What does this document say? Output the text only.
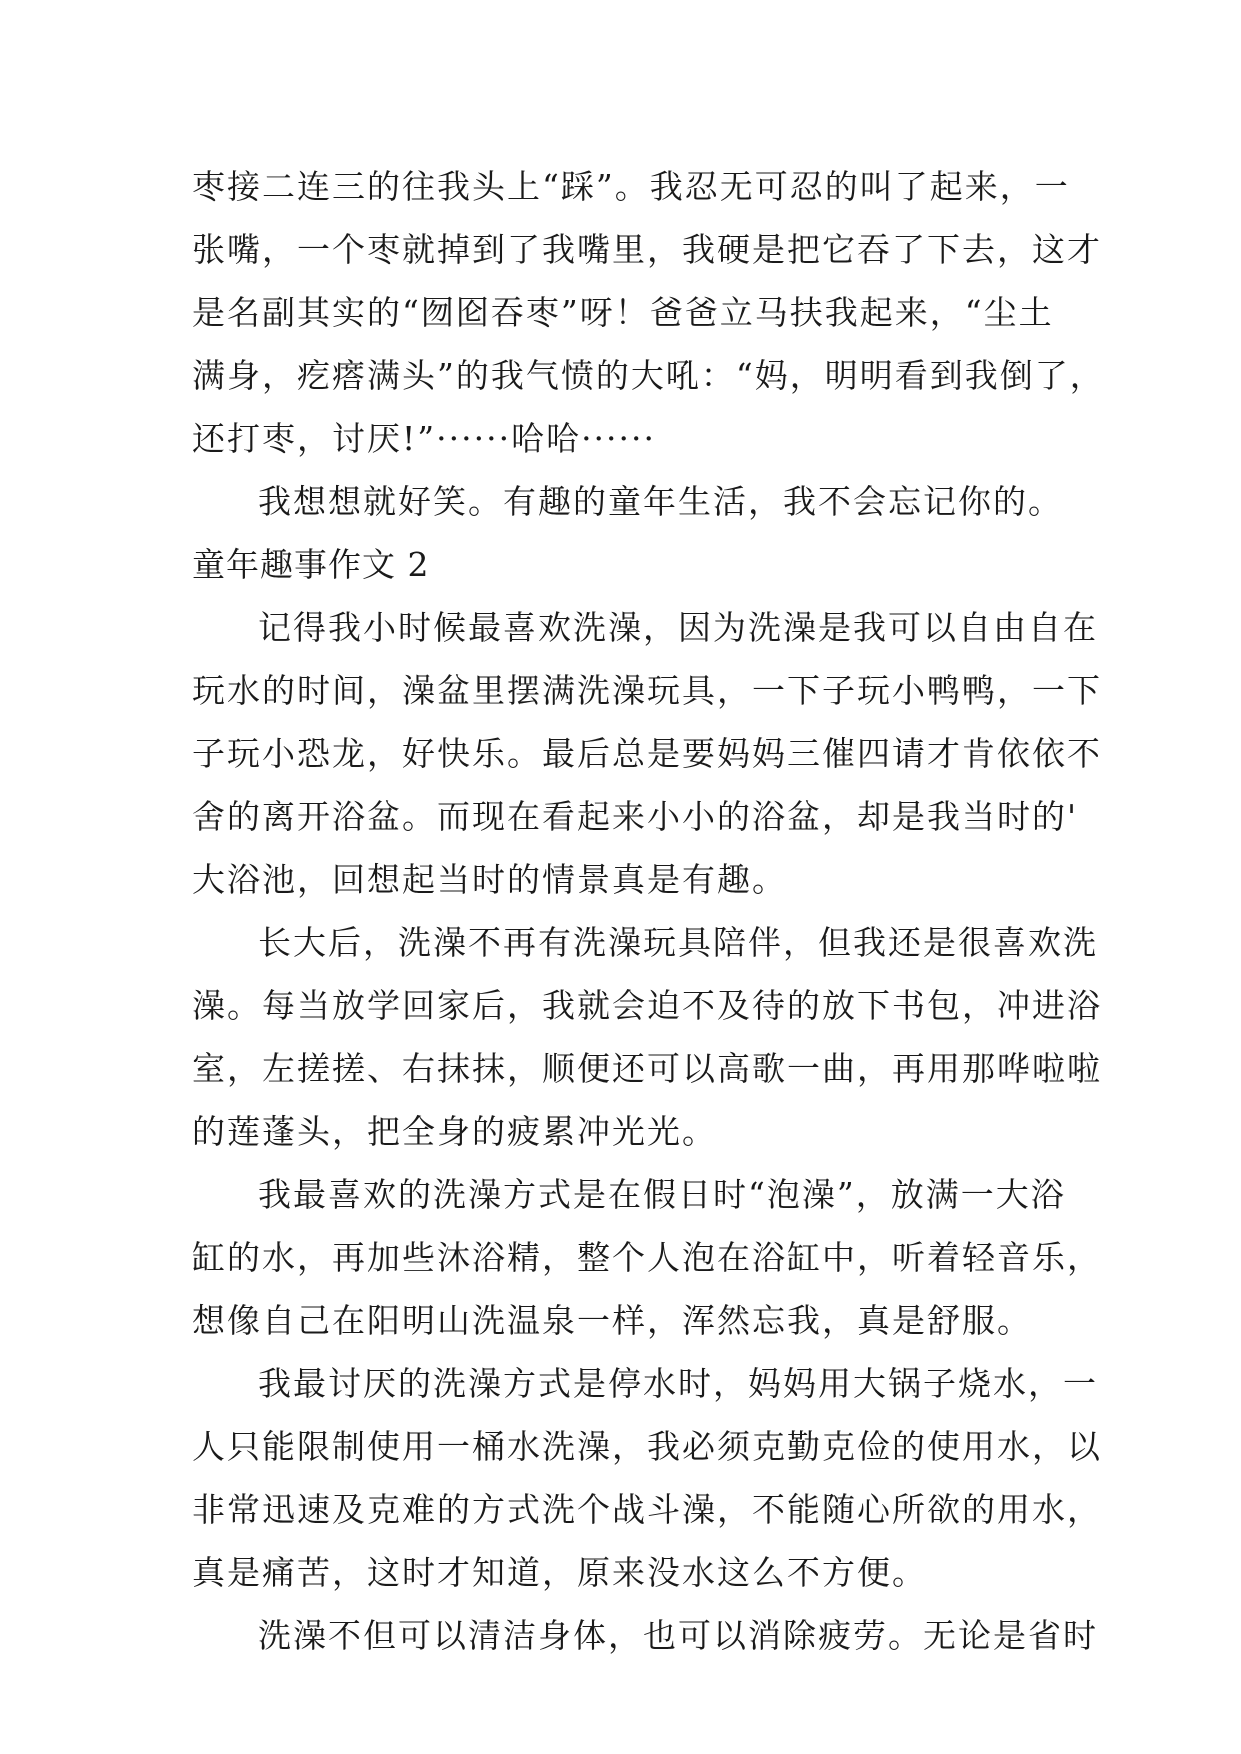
枣接二连三的往我头上“踩”。我忍无可忍的叫了起来，一
张嘴，一个枣就掉到了我嘴里，我硬是把它吞了下去，这才
是名副其实的“囫囵吞枣”呀！爸爸立马扶我起来，“尘土
满身，疙瘩满头”的我气愤的大吼：“妈，明明看到我倒了，
还打枣，讨厌!”······哈哈······
我想想就好笑。有趣的童年生活，我不会忘记你的。
童年趣事作文 2
记得我小时候最喜欢洗澡，因为洗澡是我可以自由自在
玩水的时间，澡盆里摆满洗澡玩具，一下子玩小鸭鸭，一下
子玩小恐龙，好快乐。最后总是要妈妈三催四请才肯依依不
舍的离开浴盆。而现在看起来小小的浴盆，却是我当时的'
大浴池，回想起当时的情景真是有趣。
长大后，洗澡不再有洗澡玩具陪伴，但我还是很喜欢洗
澡。每当放学回家后，我就会迫不及待的放下书包，冲进浴
室，左搓搓、右抹抹，顺便还可以高歌一曲，再用那哗啦啦
的莲蓬头，把全身的疲累冲光光。
我最喜欢的洗澡方式是在假日时“泡澡”，放满一大浴
缸的水，再加些沐浴精，整个人泡在浴缸中，听着轻音乐，
想像自己在阳明山洗温泉一样，浑然忘我，真是舒服。
我最讨厌的洗澡方式是停水时，妈妈用大锅子烧水，一
人只能限制使用一桶水洗澡，我必须克勤克俭的使用水，以
非常迅速及克难的方式洗个战斗澡，不能随心所欲的用水，
真是痛苦，这时才知道，原来没水这么不方便。
洗澡不但可以清洁身体，也可以消除疲劳。无论是省时
